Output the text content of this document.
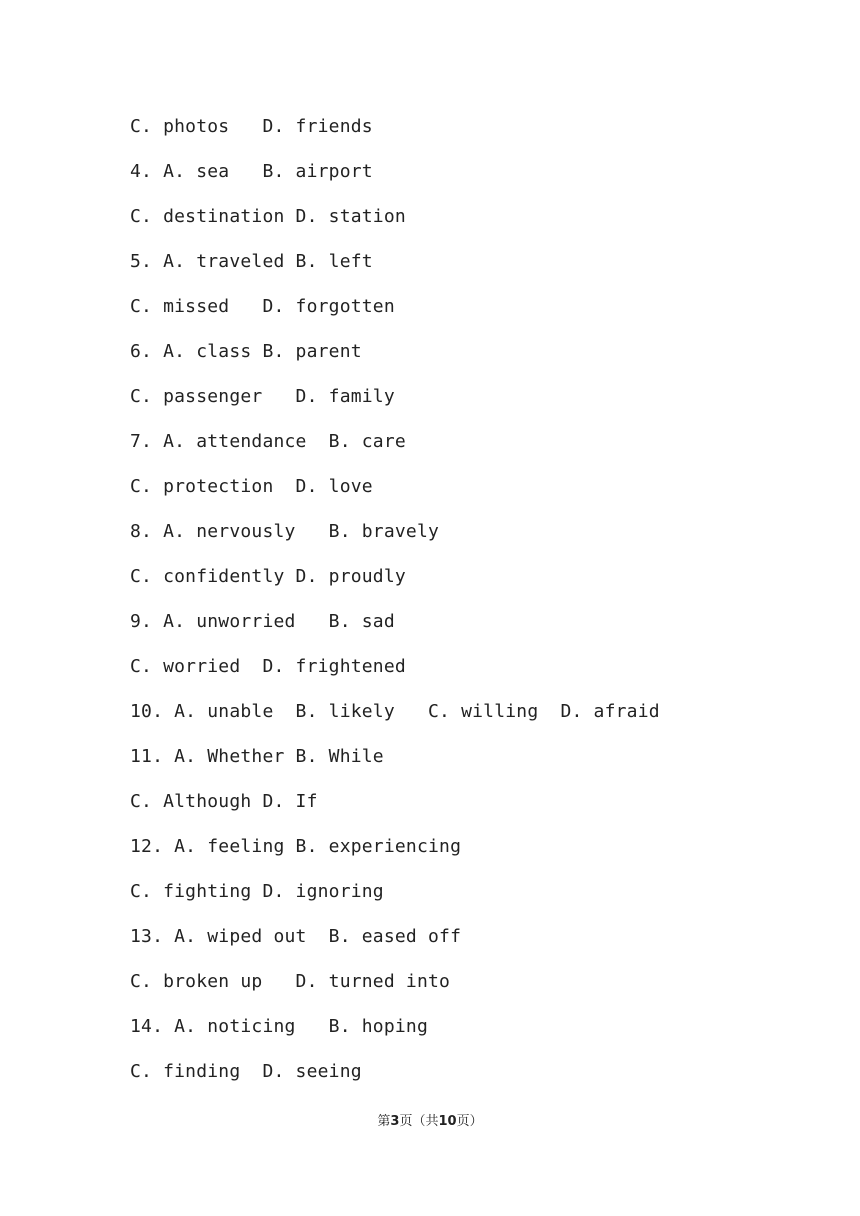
C. photos   D. friends
4. A. sea   B. airport
C. destination D. station
5. A. traveled B. left
C. missed   D. forgotten
6. A. class B. parent
C. passenger   D. family
7. A. attendance  B. care
C. protection  D. love
8. A. nervously   B. bravely
C. confidently D. proudly
9. A. unworried   B. sad
C. worried  D. frightened
10. A. unable  B. likely   C. willing  D. afraid
11. A. Whether B. While
C. Although D. If
12. A. feeling B. experiencing
C. fighting D. ignoring
13. A. wiped out  B. eased off
C. broken up   D. turned into
14. A. noticing   B. hoping
C. finding  D. seeing
第3页（共10页）
